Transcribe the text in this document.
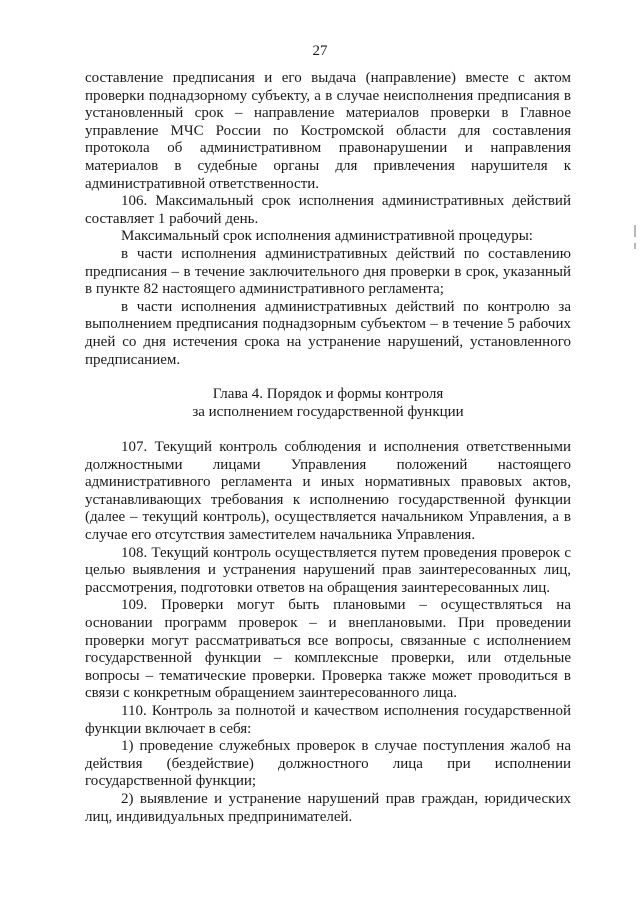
27

составление предписания и его выдача (направление) вместе с актом проверки поднадзорному субъекту, а в случае неисполнения предписания в установленный срок – направление материалов проверки в Главное управление МЧС России по Костромской области для составления протокола об административном правонарушении и направления материалов в судебные органы для привлечения нарушителя к административной ответственности.

106. Максимальный срок исполнения административных действий составляет 1 рабочий день.

Максимальный срок исполнения административной процедуры:

в части исполнения административных действий по составлению предписания – в течение заключительного дня проверки в срок, указанный в пункте 82 настоящего административного регламента;

в части исполнения административных действий по контролю за выполнением предписания поднадзорным субъектом – в течение 5 рабочих дней со дня истечения срока на устранение нарушений, установленного предписанием.

Глава 4. Порядок и формы контроля
за исполнением государственной функции

107. Текущий контроль соблюдения и исполнения ответственными должностными лицами Управления положений настоящего административного регламента и иных нормативных правовых актов, устанавливающих требования к исполнению государственной функции (далее – текущий контроль), осуществляется начальником Управления, а в случае его отсутствия заместителем начальника Управления.

108. Текущий контроль осуществляется путем проведения проверок с целью выявления и устранения нарушений прав заинтересованных лиц, рассмотрения, подготовки ответов на обращения заинтересованных лиц.

109. Проверки могут быть плановыми – осуществляться на основании программ проверок – и внеплановыми. При проведении проверки могут рассматриваться все вопросы, связанные с исполнением государственной функции – комплексные проверки, или отдельные вопросы – тематические проверки. Проверка также может проводиться в связи с конкретным обращением заинтересованного лица.

110. Контроль за полнотой и качеством исполнения государственной функции включает в себя:

1) проведение служебных проверок в случае поступления жалоб на действия (бездействие) должностного лица при исполнении государственной функции;

2) выявление и устранение нарушений прав граждан, юридических лиц, индивидуальных предпринимателей.
